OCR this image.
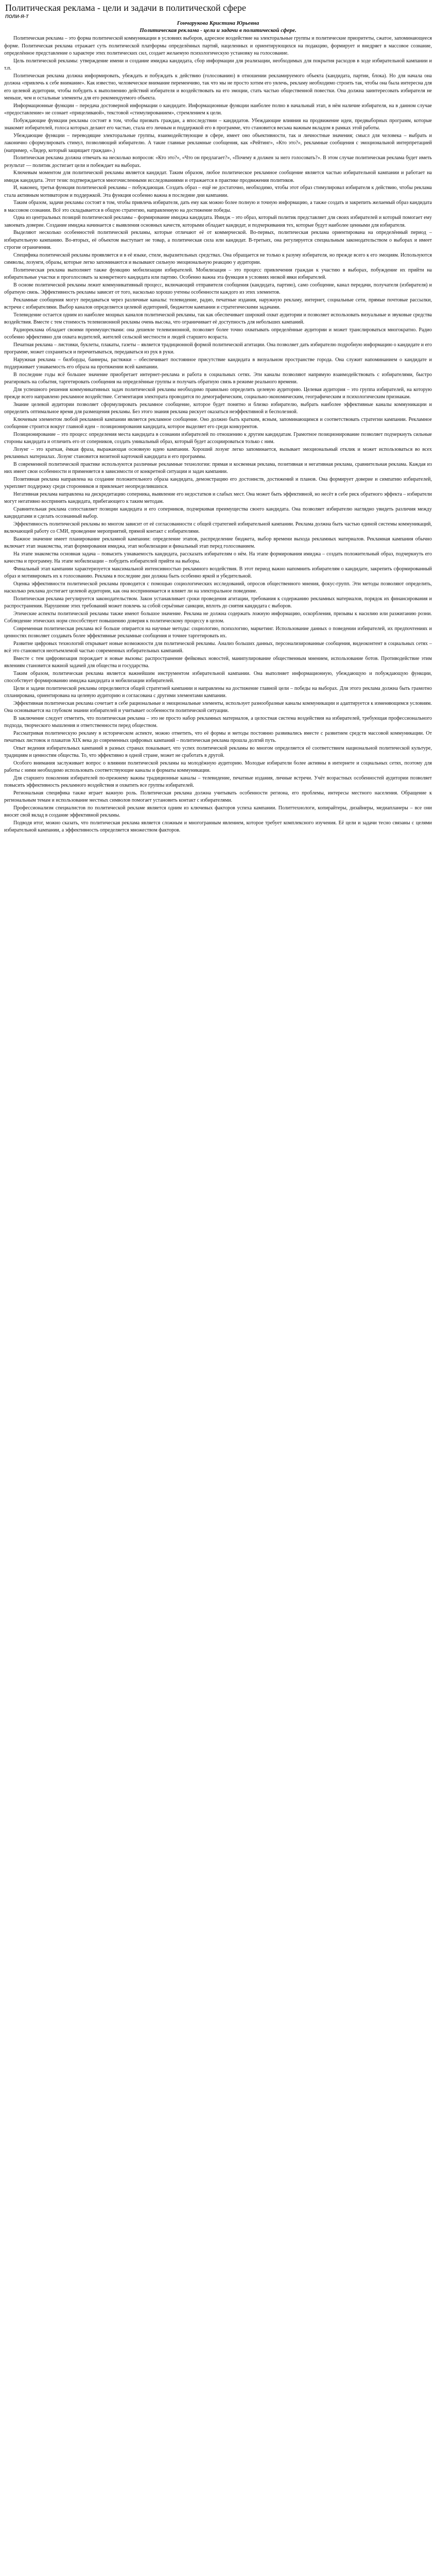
Политическая реклама - цели и задачи в политической сфере
ПОЛИ-Я-Т
Гончарукова Кристина Юрьевна
Политическая реклама - цели и задачи в политической сфере.

Политическая реклама – это форма политической коммуникации в условиях выборов, адресное воздействие на электоральные группы и политические приоритеты, сжатое, запоминающееся форме. Политическая реклама отражает суть политической платформы определённых партий, нацеленных и ориентирующихся на подакцию, формирует и внедряет в массовое сознание, определённое представление о характере этих политических сил, создает желаемую психологическую установку на голосование.

Цель политической рекламы: утверждение имени и создание имиджа кандидата, сбор информации для реализации, необходимых для покрытия расходов в ходе избирательной кампании и т.п.

Политическая реклама должна информировать, убеждать и побуждать к действию (голосованию) в отношении рекламируемого объекта (кандидата, партии, блока). Но для начала она должна «привлечь к себе внимание». Как известно, человеческое внимание переменчиво, так что мы не просто хотим его увлечь, рекламу необходимо строить так, чтобы она была интересна для его целевой аудитории, чтобы побудить к выполнению действий избирателя и воздействовать на его эмоции, стать частью общественной повестки. Она должна заинтересовать избирателя не меньше, чем и остальные элементы для его рекомендуемого объекта.

Информационные функции – передача достоверной информации о кандидате. Информационные функции наиболее полно в начальный этап, в нём наличие избирателя, на в данном случае «предоставление» не сознает «прицеливаюй», текстовой «стимулированием», стремлением к цели.

Побуждающие функции рекламы состоят в том, чтобы призвать граждан, а впоследствии – кандидатов. Убеждающие влияния на продвижение идеи, предвыборных программ, которые знакомят избирателей, голоса которых делают его частью, стала его личным и поддержкой его в программе, что становится весьма важным вкладом в рамках этой работы.

Убеждающие функции – переводящие электоральные группы, взаимодействующие в сфере, имеет оно объективности, так и личностные значения; смысл для человека – выбрать и лаконично сформулировать стимул, позволяющий избирателю. А такие главные рекламные сообщения, как «Рейтинг», «Кто это?», рекламные сообщения с эмоциональной интерпретацией (например, «Лидер, который защищает граждан».)

Политическая реклама должна отвечать на несколько вопросов: «Кто это?», «Что он предлагает?», «Почему я должен за него голосовать?». В этом случае политическая реклама будет иметь результат — политик достигает цели и побеждает на выборах.

Ключевым моментом для политической рекламы является кандидат. Таким образом, любое политическое рекламное сообщение является частью избирательной кампании и работает на имидж кандидата. Этот тезис подтверждается многочисленными исследованиями и отражается в практике продвижения политиков.

И, наконец, третья функция политической рекламы – побуждающая. Создать образ – ещё не достаточно, необходимо, чтобы этот образ стимулировал избирателя к действию, чтобы реклама стала активным мотиватором и поддержкой. Эта функция особенно важна в последние дни кампании.

Таким образом, задачи рекламы состоят в том, чтобы привлечь избирателя, дать ему как можно более полную и точную информацию, а также создать и закрепить желаемый образ кандидата в массовом сознании. Всё это складывается в общую стратегию, направленную на достижение победы.

Одна из центральных позиций политической рекламы – формирование имиджа кандидата. Имидж – это образ, который политик представляет для своих избирателей и который помогает ему завоевать доверие. Создание имиджа начинается с выявления основных качеств, которыми обладает кандидат, и подчеркивания тех, которые будут наиболее ценными для избирателя.

Выделяют несколько особенностей политической рекламы, которые отличают её от коммерческой. Во-первых, политическая реклама ориентирована на определённый период – избирательную кампанию. Во-вторых, её объектом выступает не товар, а политическая сила или кандидат. В-третьих, она регулируется специальным законодательством о выборах и имеет строгие ограничения.

Специфика политической рекламы проявляется и в её языке, стиле, выразительных средствах. Она обращается не только к разуму избирателя, но прежде всего к его эмоциям. Используются символы, лозунги, образы, которые легко запоминаются и вызывают сильную эмоциональную реакцию у аудитории.

Политическая реклама выполняет также функцию мобилизации избирателей. Мобилизация – это процесс привлечения граждан к участию в выборах, побуждение их прийти на избирательные участки и проголосовать за конкретного кандидата или партию. Особенно важна эта функция в условиях низкой явки избирателей.

В основе политической рекламы лежит коммуникативный процесс, включающий отправителя сообщения (кандидата, партию), само сообщение, канал передачи, получателя (избирателя) и обратную связь. Эффективность рекламы зависит от того, насколько хорошо учтены особенности каждого из этих элементов.

Рекламные сообщения могут передаваться через различные каналы: телевидение, радио, печатные издания, наружную рекламу, интернет, социальные сети, прямые почтовые рассылки, встречи с избирателями. Выбор каналов определяется целевой аудиторией, бюджетом кампании и стратегическими задачами.

Телевидение остается одним из наиболее мощных каналов политической рекламы, так как обеспечивает широкий охват аудитории и позволяет использовать визуальные и звуковые средства воздействия. Вместе с тем стоимость телевизионной рекламы очень высока, что ограничивает её доступность для небольших кампаний.

Радиореклама обладает своими преимуществами: она дешевле телевизионной, позволяет более точно охватывать определённые аудитории и может транслироваться многократно. Радио особенно эффективно для охвата водителей, жителей сельской местности и людей старшего возраста.

Печатная реклама – листовки, буклеты, плакаты, газеты – является традиционной формой политической агитации. Она позволяет дать избирателю подробную информацию о кандидате и его программе, может сохраняться и перечитываться, передаваться из рук в руки.

Наружная реклама – билборды, баннеры, растяжки – обеспечивает постоянное присутствие кандидата в визуальном пространстве города. Она служит напоминанием о кандидате и поддерживает узнаваемость его образа на протяжении всей кампании.

В последние годы всё большее значение приобретает интернет-реклама и работа в социальных сетях. Эти каналы позволяют напрямую взаимодействовать с избирателями, быстро реагировать на события, таргетировать сообщения на определённые группы и получать обратную связь в режиме реального времени.

Для успешного решения коммуникативных задач политической рекламы необходимо правильно определить целевую аудиторию. Целевая аудитория – это группа избирателей, на которую прежде всего направлено рекламное воздействие. Сегментация электората проводится по демографическим, социально-экономическим, географическим и психологическим признакам.

Знание целевой аудитории позволяет сформулировать рекламное сообщение, которое будет понятно и близко избирателю, выбрать наиболее эффективные каналы коммуникации и определить оптимальное время для размещения рекламы. Без этого знания реклама рискует оказаться неэффективной и бесполезной.

Ключевым элементом любой рекламной кампании является рекламное сообщение. Оно должно быть кратким, ясным, запоминающимся и соответствовать стратегии кампании. Рекламное сообщение строится вокруг главной идеи – позиционирования кандидата, которое выделяет его среди конкурентов.

Позиционирование – это процесс определения места кандидата в сознании избирателей по отношению к другим кандидатам. Грамотное позиционирование позволяет подчеркнуть сильные стороны кандидата и отличить его от соперников, создать уникальный образ, который будет ассоциироваться только с ним.

Лозунг – это краткая, ёмкая фраза, выражающая основную идею кампании. Хороший лозунг легко запоминается, вызывает эмоциональный отклик и может использоваться во всех рекламных материалах. Лозунг становится визитной карточкой кандидата и его программы.

В современной политической практике используются различные рекламные технологии: прямая и косвенная реклама, позитивная и негативная реклама, сравнительная реклама. Каждая из них имеет свои особенности и применяется в зависимости от конкретной ситуации и задач кампании.

Позитивная реклама направлена на создание положительного образа кандидата, демонстрацию его достоинств, достижений и планов. Она формирует доверие и симпатию избирателей, укрепляет поддержку среди сторонников и привлекает неопределившихся.

Негативная реклама направлена на дискредитацию соперника, выявление его недостатков и слабых мест. Она может быть эффективной, но несёт в себе риск обратного эффекта – избиратели могут негативно воспринять кандидата, прибегающего к таким методам.

Сравнительная реклама сопоставляет позиции кандидата и его соперников, подчеркивая преимущества своего кандидата. Она позволяет избирателю наглядно увидеть различия между кандидатами и сделать осознанный выбор.

Эффективность политической рекламы во многом зависит от её согласованности с общей стратегией избирательной кампании. Реклама должна быть частью единой системы коммуникаций, включающей работу со СМИ, проведение мероприятий, прямой контакт с избирателями.

Важное значение имеет планирование рекламной кампании: определение этапов, распределение бюджета, выбор времени выхода рекламных материалов. Рекламная кампания обычно включает этап знакомства, этап формирования имиджа, этап мобилизации и финальный этап перед голосованием.

На этапе знакомства основная задача – повысить узнаваемость кандидата, рассказать избирателям о нём. На этапе формирования имиджа – создать положительный образ, подчеркнуть его качества и программу. На этапе мобилизации – побудить избирателей прийти на выборы.

Финальный этап кампании характеризуется максимальной интенсивностью рекламного воздействия. В этот период важно напомнить избирателям о кандидате, закрепить сформированный образ и мотивировать их к голосованию. Реклама в последние дни должна быть особенно яркой и убедительной.

Оценка эффективности политической рекламы проводится с помощью социологических исследований, опросов общественного мнения, фокус-групп. Эти методы позволяют определить, насколько реклама достигает целевой аудитории, как она воспринимается и влияет ли на электоральное поведение.

Политическая реклама регулируется законодательством. Закон устанавливает сроки проведения агитации, требования к содержанию рекламных материалов, порядок их финансирования и распространения. Нарушение этих требований может повлечь за собой серьёзные санкции, вплоть до снятия кандидата с выборов.

Этические аспекты политической рекламы также имеют большое значение. Реклама не должна содержать ложную информацию, оскорбления, призывы к насилию или разжиганию розни. Соблюдение этических норм способствует повышению доверия к политическому процессу в целом.

Современная политическая реклама всё больше опирается на научные методы: социологию, психологию, маркетинг. Использование данных о поведении избирателей, их предпочтениях и ценностях позволяет создавать более эффективные рекламные сообщения и точнее таргетировать их.

Развитие цифровых технологий открывает новые возможности для политической рекламы. Анализ больших данных, персонализированные сообщения, видеоконтент в социальных сетях – всё это становится неотъемлемой частью современных избирательных кампаний.

Вместе с тем цифровизация порождает и новые вызовы: распространение фейковых новостей, манипулирование общественным мнением, использование ботов. Противодействие этим явлениям становится важной задачей для общества и государства.

Таким образом, политическая реклама является важнейшим инструментом избирательной кампании. Она выполняет информационную, убеждающую и побуждающую функции, способствует формированию имиджа кандидата и мобилизации избирателей.

Цели и задачи политической рекламы определяются общей стратегией кампании и направлены на достижение главной цели – победы на выборах. Для этого реклама должна быть грамотно спланирована, ориентирована на целевую аудиторию и согласована с другими элементами кампании.

Эффективная политическая реклама сочетает в себе рациональные и эмоциональные элементы, использует разнообразные каналы коммуникации и адаптируется к изменяющимся условиям. Она основывается на глубоком знании избирателей и учитывает особенности политической ситуации.

В заключение следует отметить, что политическая реклама – это не просто набор рекламных материалов, а целостная система воздействия на избирателей, требующая профессионального подхода, творческого мышления и ответственности перед обществом.

Рассматривая политическую рекламу в историческом аспекте, можно отметить, что её формы и методы постоянно развивались вместе с развитием средств массовой коммуникации. От печатных листовок и плакатов XIX века до современных цифровых кампаний – политическая реклама прошла долгий путь.

Опыт ведения избирательных кампаний в разных странах показывает, что успех политической рекламы во многом определяется её соответствием национальной политической культуре, традициям и ценностям общества. То, что эффективно в одной стране, может не сработать в другой.

Особого внимания заслуживает вопрос о влиянии политической рекламы на молодёжную аудиторию. Молодые избиратели более активны в интернете и социальных сетях, поэтому для работы с ними необходимо использовать соответствующие каналы и форматы коммуникации.

Для старшего поколения избирателей по-прежнему важны традиционные каналы – телевидение, печатные издания, личные встречи. Учёт возрастных особенностей аудитории позволяет повысить эффективность рекламного воздействия и охватить все группы избирателей.

Региональная специфика также играет важную роль. Политическая реклама должна учитывать особенности региона, его проблемы, интересы местного населения. Обращение к региональным темам и использование местных символов помогает установить контакт с избирателями.

Профессионализм специалистов по политической рекламе является одним из ключевых факторов успеха кампании. Политтехнологи, копирайтеры, дизайнеры, медиапланеры – все они вносят свой вклад в создание эффективной рекламы.

Подводя итог, можно сказать, что политическая реклама является сложным и многогранным явлением, которое требует комплексного изучения. Её цели и задачи тесно связаны с целями избирательной кампании, а эффективность определяется множеством факторов.
